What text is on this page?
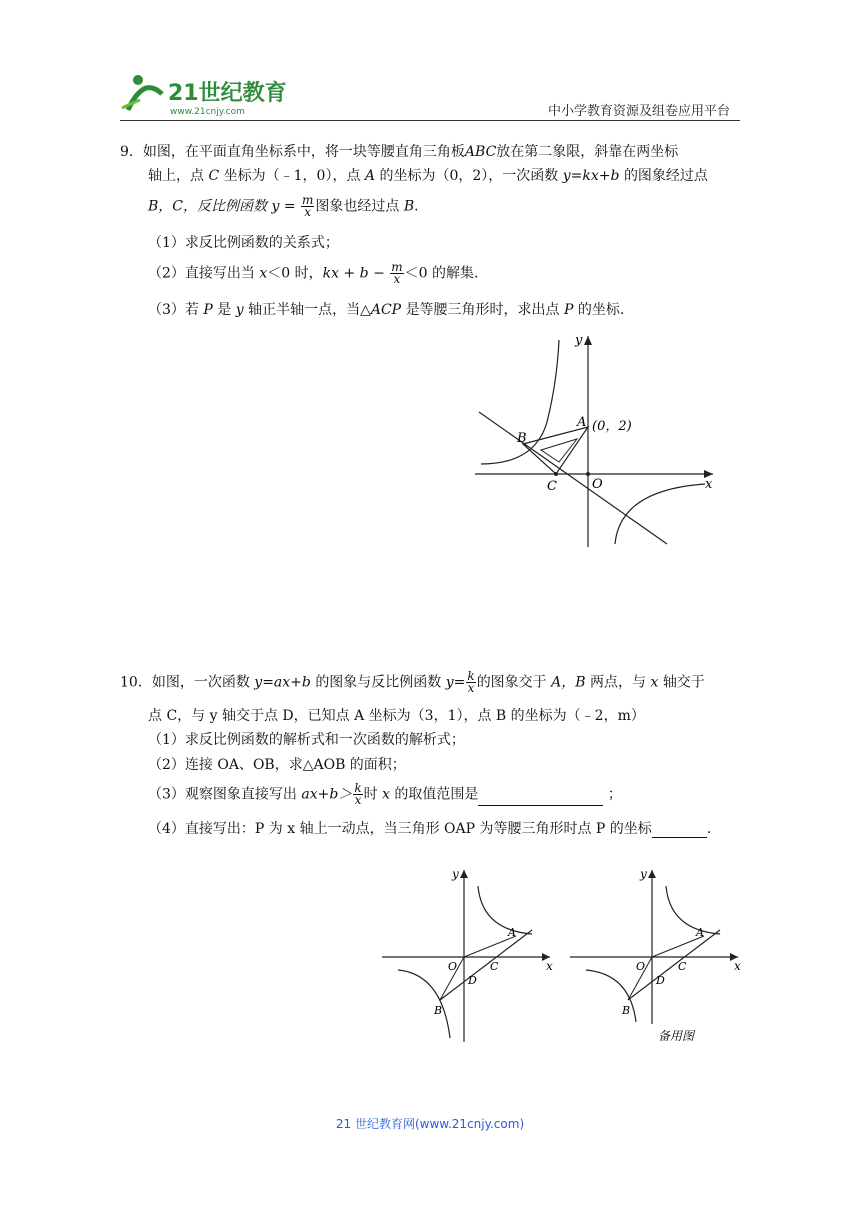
21世纪教育
www.21cnjy.com	中小学教育资源及组卷应用平台
9．如图，在平面直角坐标系中，将一块等腰直角三角板ABC放在第二象限，斜靠在两坐标
轴上，点 C 坐标为（﹣1，0），点 A 的坐标为（0，2），一次函数 y=kx+b 的图象经过点
B，C，反比例函数 $y = \frac{m}{x}$ 图象也经过点 B.
（1）求反比例函数的关系式；
（2）直接写出当 x＜0 时，kx + $b - \frac{m}{x} <0$ 的解集.
（3）若 P 是 y 轴正半轴一点，当△ACP 是等腰三角形时，求出点 P 的坐标.
y
x
A (0，2)
B
C	O
10．如图，一次函数 y=ax+b 的图象与反比例函数 $y= \frac{k}{x}$ 的图象交于 A，B 两点，与 x 轴交于
点 C，与 y 轴交于点 D，已知点 A 坐标为（3，1），点 B 的坐标为（﹣2，m）
（1）求反比例函数的解析式和一次函数的解析式；
（2）连接 OA、OB，求△AOB 的面积；
（3）观察图象直接写出 $ax+b> \frac{k}{x}$ 时 x 的取值范围是	；
（4）直接写出：P 为 x 轴上一动点，当三角形 OAP 为等腰三角形时点 P 的坐标	.
y
x
A
B
C
D
O
y
x
A
B
C
D
O
备用图
21 世纪教育网(www.21cnjy.com)
